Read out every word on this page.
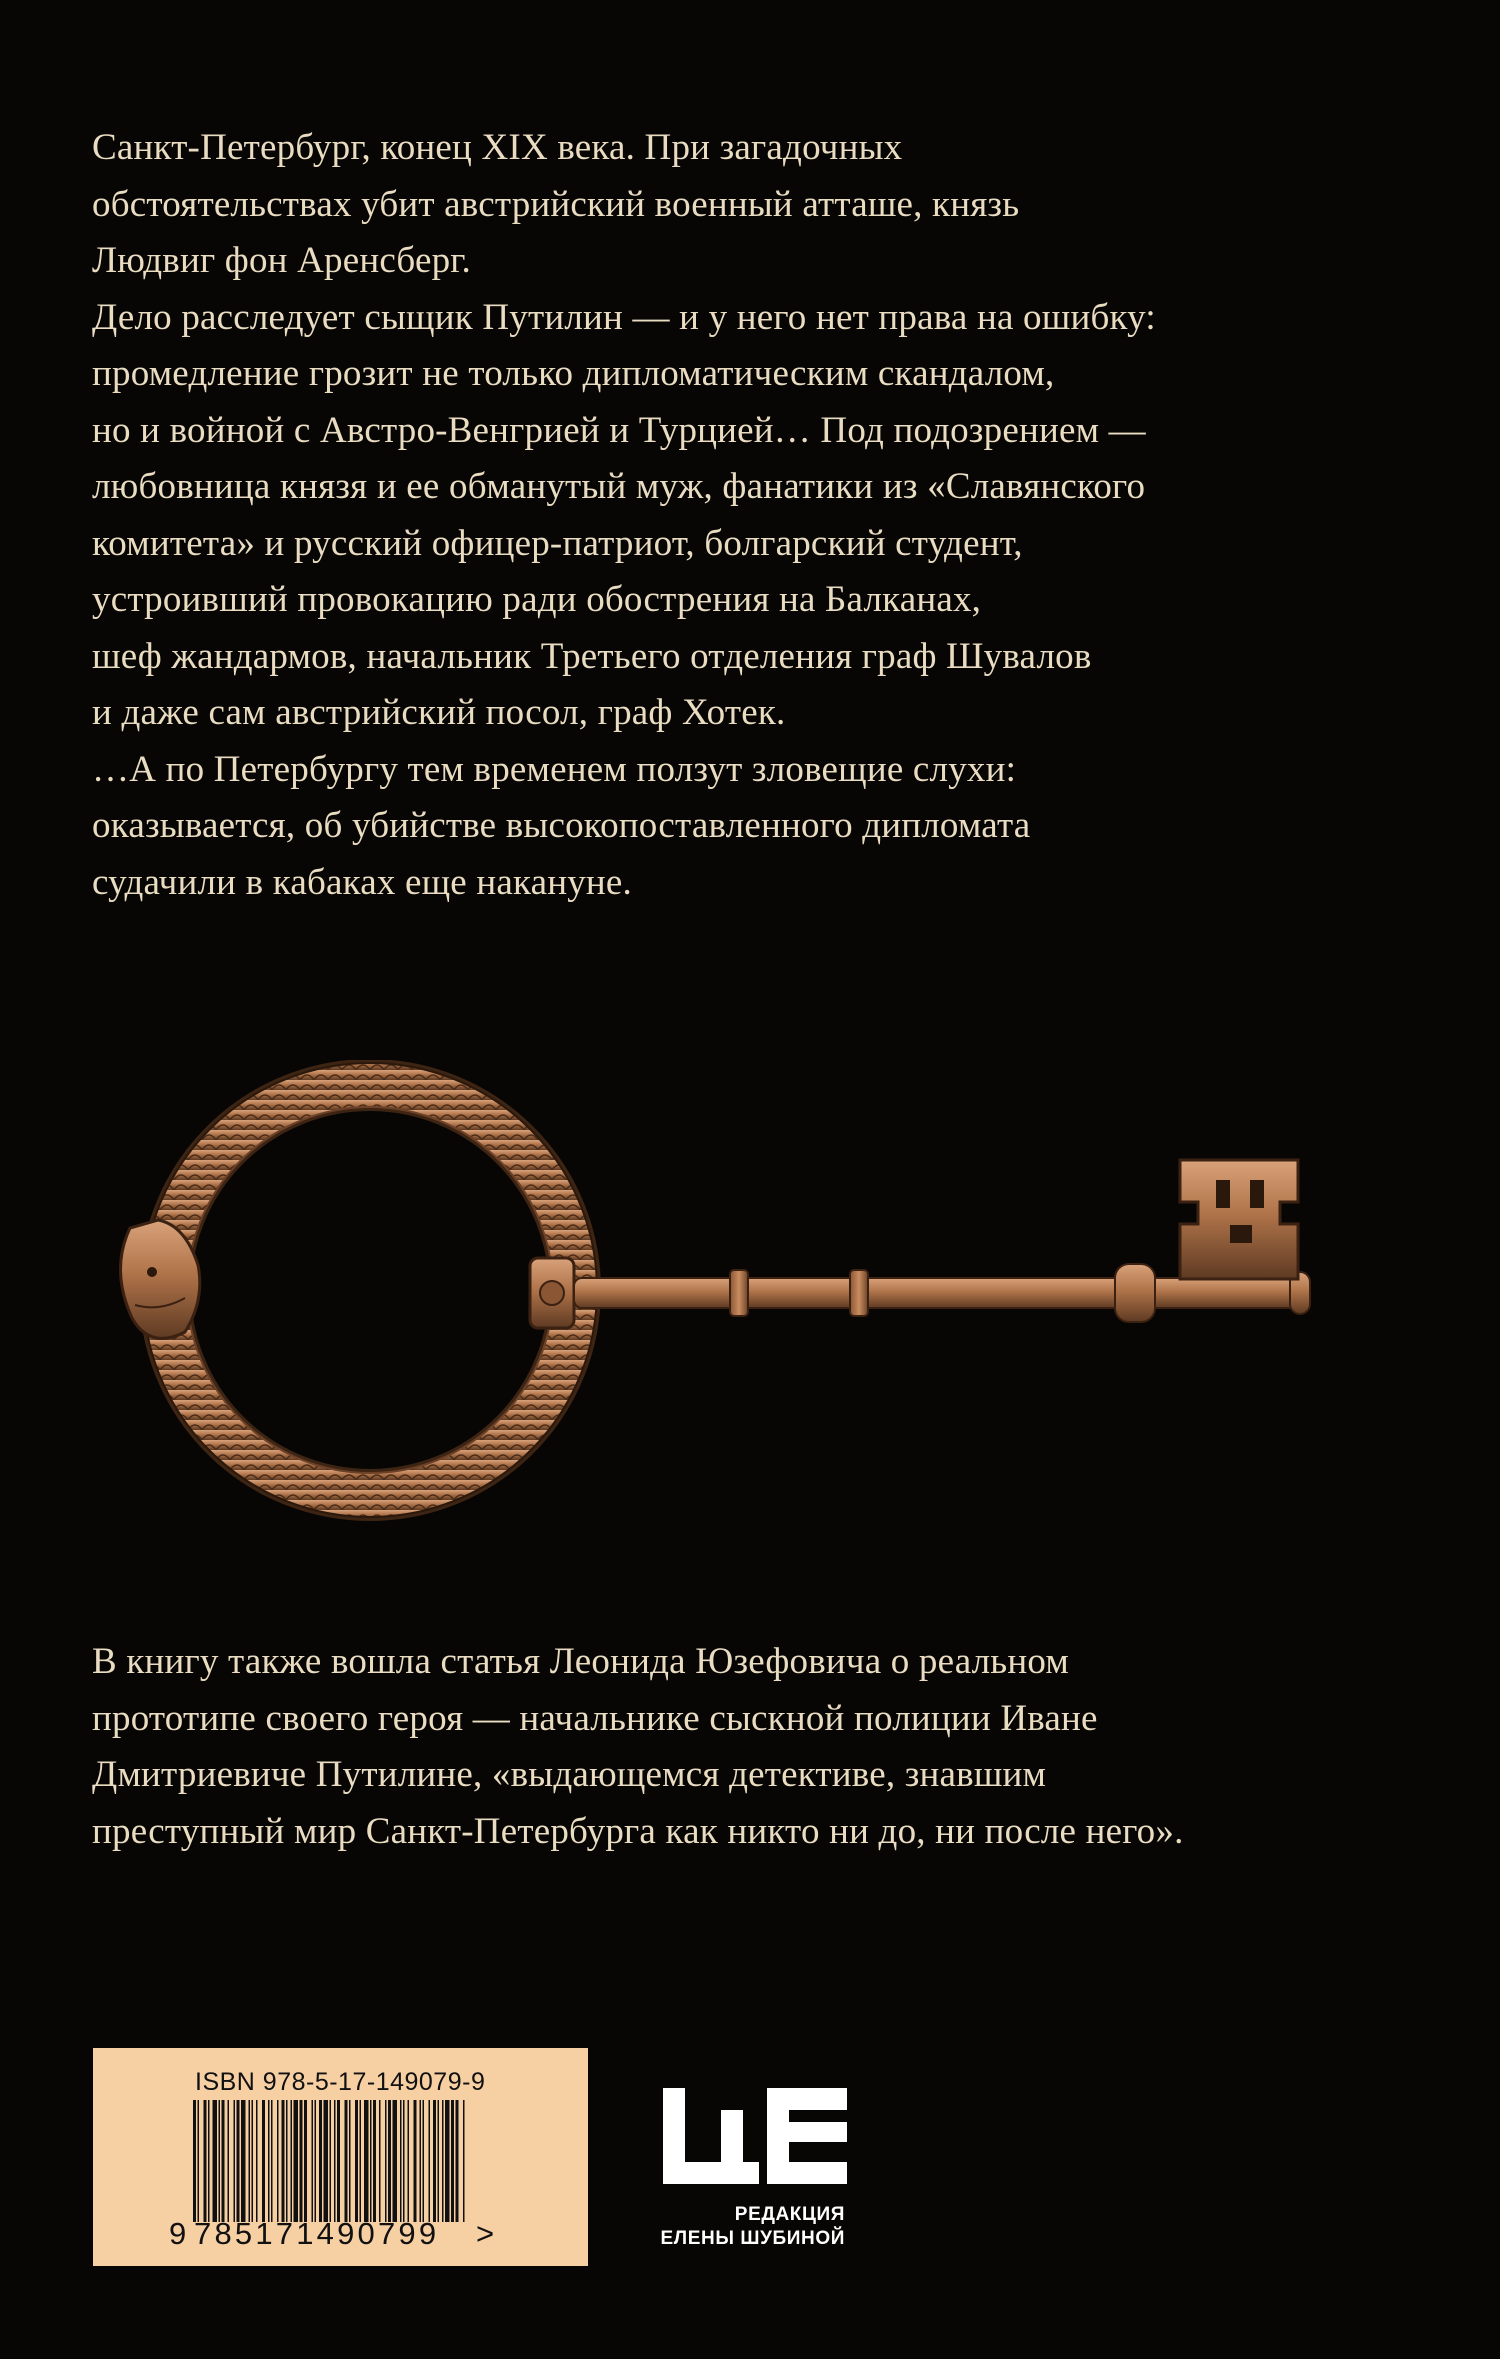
Санкт-Петербург, конец XIX века. При загадочных
обстоятельствах убит австрийский военный атташе, князь
Людвиг фон Аренсберг.
Дело расследует сыщик Путилин — и у него нет права на ошибку:
промедление грозит не только дипломатическим скандалом,
но и войной с Австро-Венгрией и Турцией… Под подозрением —
любовница князя и ее обманутый муж, фанатики из «Славянского
комитета» и русский офицер-патриот, болгарский студент,
устроивший провокацию ради обострения на Балканах,
шеф жандармов, начальник Третьего отделения граф Шувалов
и даже сам австрийский посол, граф Хотек.
…А по Петербургу тем временем ползут зловещие слухи:
оказывается, об убийстве высокопоставленного дипломата
судачили в кабаках еще накануне.
В книгу также вошла статья Леонида Юзефовича о реальном
прототипе своего героя — начальнике сыскной полиции Иване
Дмитриевиче Путилине, «выдающемся детективе, знавшим
преступный мир Санкт-Петербурга как никто ни до, ни после него».
ISBN 978-5-17-149079-9
9 785171490799 >
РЕДАКЦИЯ
ЕЛЕНЫ ШУБИНОЙ
